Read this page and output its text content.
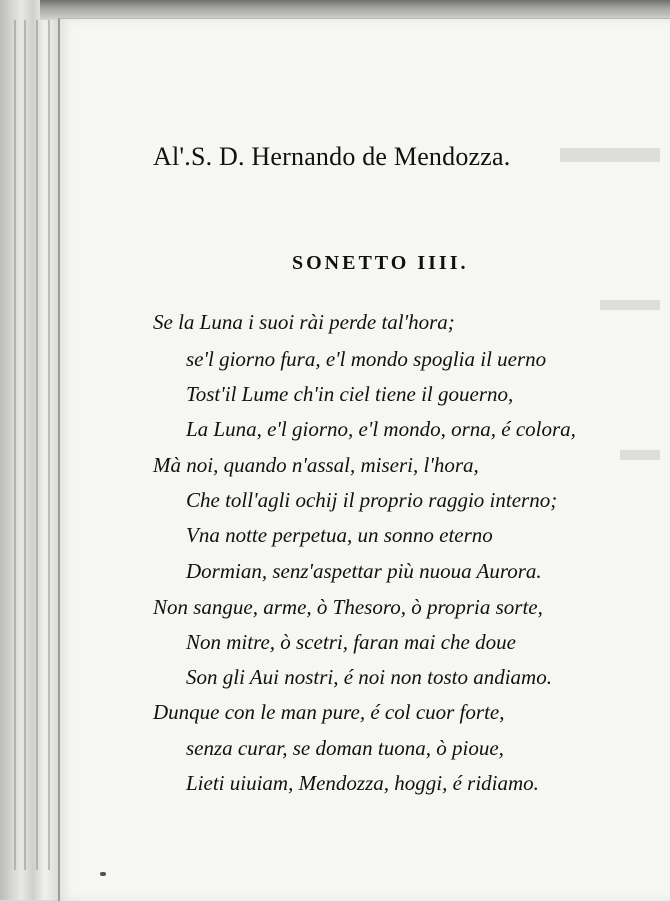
Al'.S. D. Hernando de Mendozza.
SONETTO IIII.
Se la Luna i suoi rài perde tal'hora;
se'l giorno fura, e'l mondo spoglia il uerno
Tost'il Lume ch'in ciel tiene il gouerno,
La Luna, e'l giorno, e'l mondo, orna, é colora,
Mà noi, quando n'assal, miseri, l'hora,
Che toll'agli ochij il proprio raggio interno;
Vna notte perpetua, un sonno eterno
Dormian, senz'aspettar più nuoua Aurora.
Non sangue, arme, ò Thesoro, ò propria sorte,
Non mitre, ò scetri, faran mai che doue
Son gli Aui nostri, é noi non tosto andiamo.
Dunque con le man pure, é col cuor forte,
senza curar, se doman tuona, ò pioue,
Lieti uiuiam, Mendozza, hoggi, é ridiamo.
